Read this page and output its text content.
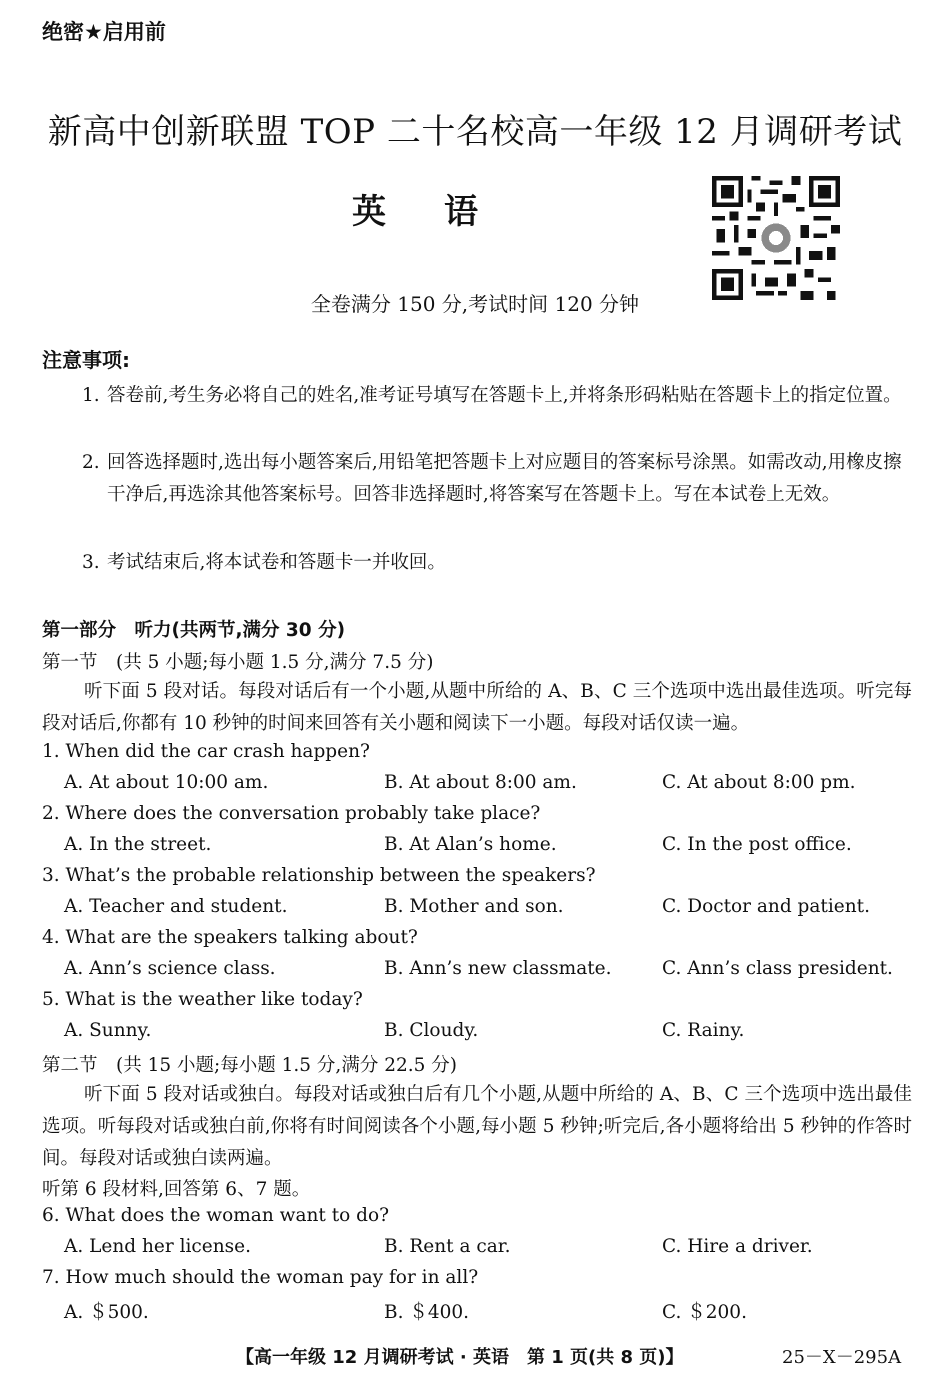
绝密★启用前
新高中创新联盟 TOP 二十名校高一年级 12 月调研考试
英语
全卷满分 150 分,考试时间 120 分钟
注意事项:
1. 答卷前,考生务必将自己的姓名,准考证号填写在答题卡上,并将条形码粘贴在答题卡上的指定位置。
2. 回答选择题时,选出每小题答案后,用铅笔把答题卡上对应题目的答案标号涂黑。如需改动,用橡皮擦干净后,再选涂其他答案标号。回答非选择题时,将答案写在答题卡上。写在本试卷上无效。
3. 考试结束后,将本试卷和答题卡一并收回。
第一部分　听力(共两节,满分 30 分)
第一节　(共 5 小题;每小题 1.5 分,满分 7.5 分)
听下面 5 段对话。每段对话后有一个小题,从题中所给的 A、B、C 三个选项中选出最佳选项。听完每段对话后,你都有 10 秒钟的时间来回答有关小题和阅读下一小题。每段对话仅读一遍。
1. When did the car crash happen?
A. At about 10:00 am.	B. At about 8:00 am.	C. At about 8:00 pm.
2. Where does the conversation probably take place?
A. In the street.	B. At Alan’s home.	C. In the post office.
3. What’s the probable relationship between the speakers?
A. Teacher and student.	B. Mother and son.	C. Doctor and patient.
4. What are the speakers talking about?
A. Ann’s science class.	B. Ann’s new classmate.	C. Ann’s class president.
5. What is the weather like today?
A. Sunny.	B. Cloudy.	C. Rainy.
第二节　(共 15 小题;每小题 1.5 分,满分 22.5 分)
听下面 5 段对话或独白。每段对话或独白后有几个小题,从题中所给的 A、B、C 三个选项中选出最佳选项。听每段对话或独白前,你将有时间阅读各个小题,每小题 5 秒钟;听完后,各小题将给出 5 秒钟的作答时间。每段对话或独白读两遍。
听第 6 段材料,回答第 6、7 题。
6. What does the woman want to do?
A. Lend her license.	B. Rent a car.	C. Hire a driver.
7. How much should the woman pay for in all?
A. ＄500.	B. ＄400.	C. ＄200.
【高一年级 12 月调研考试 · 英语　第 1 页(共 8 页)】	25－X－295A
